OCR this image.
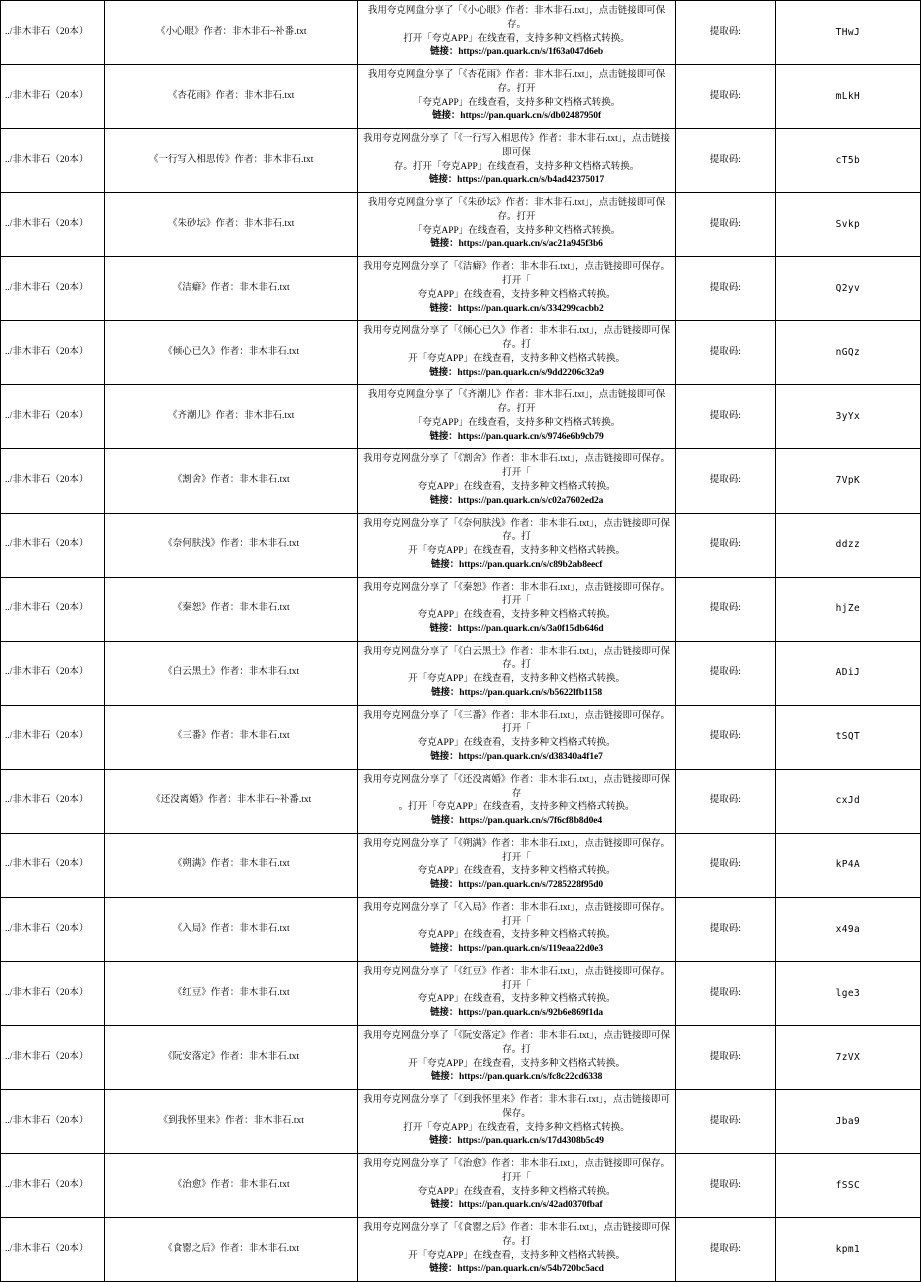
../非木非石（20本）	《小心眼》作者：非木非石~补番.txt	我用夸克网盘分享了「《小心眼》作者：非木非石.txt」，点击链接即可保存。
打开「夸克APP」在线查看，支持多种文档格式转换。
链接：https://pan.quark.cn/s/1f63a047d6eb	提取码:	THwJ
../非木非石（20本）	《杏花雨》作者：非木非石.txt	我用夸克网盘分享了「《杏花雨》作者：非木非石.txt」，点击链接即可保存。打开
「夸克APP」在线查看，支持多种文档格式转换。
链接：https://pan.quark.cn/s/db02487950f	提取码:	mLkH
../非木非石（20本）	《一行写入相思传》作者：非木非石.txt	我用夸克网盘分享了「《一行写入相思传》作者：非木非石.txt」，点击链接即可保
存。打开「夸克APP」在线查看，支持多种文档格式转换。
链接：https://pan.quark.cn/s/b4ad42375017	提取码:	cT5b
../非木非石（20本）	《朱砂坛》作者：非木非石.txt	我用夸克网盘分享了「《朱砂坛》作者：非木非石.txt」，点击链接即可保存。打开
「夸克APP」在线查看，支持多种文档格式转换。
链接：https://pan.quark.cn/s/ac21a945f3b6	提取码:	Svkp
../非木非石（20本）	《洁癖》作者：非木非石.txt	我用夸克网盘分享了「《洁癖》作者：非木非石.txt」，点击链接即可保存。打开「
夸克APP」在线查看，支持多种文档格式转换。
链接：https://pan.quark.cn/s/334299cacbb2	提取码:	Q2yv
../非木非石（20本）	《倾心已久》作者：非木非石.txt	我用夸克网盘分享了「《倾心已久》作者：非木非石.txt」，点击链接即可保存。打
开「夸克APP」在线查看，支持多种文档格式转换。
链接：https://pan.quark.cn/s/9dd2206c32a9	提取码:	nGQz
../非木非石（20本）	《齐潮儿》作者：非木非石.txt	我用夸克网盘分享了「《齐潮儿》作者：非木非石.txt」，点击链接即可保存。打开
「夸克APP」在线查看，支持多种文档格式转换。
链接：https://pan.quark.cn/s/9746e6b9cb79	提取码:	3yYx
../非木非石（20本）	《割舍》作者：非木非石.txt	我用夸克网盘分享了「《割舍》作者：非木非石.txt」，点击链接即可保存。打开「
夸克APP」在线查看，支持多种文档格式转换。
链接：https://pan.quark.cn/s/c02a7602ed2a	提取码:	7VpK
../非木非石（20本）	《奈何肤浅》作者：非木非石.txt	我用夸克网盘分享了「《奈何肤浅》作者：非木非石.txt」，点击链接即可保存。打
开「夸克APP」在线查看，支持多种文档格式转换。
链接：https://pan.quark.cn/s/c89b2ab8eecf	提取码:	ddzz
../非木非石（20本）	《秦恕》作者：非木非石.txt	我用夸克网盘分享了「《秦恕》作者：非木非石.txt」，点击链接即可保存。打开「
夸克APP」在线查看，支持多种文档格式转换。
链接：https://pan.quark.cn/s/3a0f15db646d	提取码:	hjZe
../非木非石（20本）	《白云黑土》作者：非木非石.txt	我用夸克网盘分享了「《白云黑土》作者：非木非石.txt」，点击链接即可保存。打
开「夸克APP」在线查看，支持多种文档格式转换。
链接：https://pan.quark.cn/s/b5622lfb1158	提取码:	ADiJ
../非木非石（20本）	《三番》作者：非木非石.txt	我用夸克网盘分享了「《三番》作者：非木非石.txt」，点击链接即可保存。打开「
夸克APP」在线查看，支持多种文档格式转换。
链接：https://pan.quark.cn/s/d38340a4f1e7	提取码:	tSQT
../非木非石（20本）	《还没离婚》作者：非木非石~补番.txt	我用夸克网盘分享了「《还没离婚》作者：非木非石.txt」，点击链接即可保存
。打开「夸克APP」在线查看，支持多种文档格式转换。
链接：https://pan.quark.cn/s/7f6cf8b8d0e4	提取码:	cxJd
../非木非石（20本）	《朔满》作者：非木非石.txt	我用夸克网盘分享了「《朔满》作者：非木非石.txt」，点击链接即可保存。打开「
夸克APP」在线查看，支持多种文档格式转换。
链接：https://pan.quark.cn/s/7285228f95d0	提取码:	kP4A
../非木非石（20本）	《入局》作者：非木非石.txt	我用夸克网盘分享了「《入局》作者：非木非石.txt」，点击链接即可保存。打开「
夸克APP」在线查看，支持多种文档格式转换。
链接：https://pan.quark.cn/s/119eaa22d0e3	提取码:	x49a
../非木非石（20本）	《红豆》作者：非木非石.txt	我用夸克网盘分享了「《红豆》作者：非木非石.txt」，点击链接即可保存。打开「
夸克APP」在线查看，支持多种文档格式转换。
链接：https://pan.quark.cn/s/92b6e869f1da	提取码:	lge3
../非木非石（20本）	《阮安落定》作者：非木非石.txt	我用夸克网盘分享了「《阮安落定》作者：非木非石.txt」，点击链接即可保存。打
开「夸克APP」在线查看，支持多种文档格式转换。
链接：https://pan.quark.cn/s/fc8c22cd6338	提取码:	7zVX
../非木非石（20本）	《到我怀里来》作者：非木非石.txt	我用夸克网盘分享了「《到我怀里来》作者：非木非石.txt」，点击链接即可保存。
打开「夸克APP」在线查看，支持多种文档格式转换。
链接：https://pan.quark.cn/s/17d4308b5c49	提取码:	Jba9
../非木非石（20本）	《治愈》作者：非木非石.txt	我用夸克网盘分享了「《治愈》作者：非木非石.txt」，点击链接即可保存。打开「
夸克APP」在线查看，支持多种文档格式转换。
链接：https://pan.quark.cn/s/42ad0370fbaf	提取码:	fSSC
../非木非石（20本）	《食罂之后》作者：非木非石.txt	我用夸克网盘分享了「《食罂之后》作者：非木非石.txt」，点击链接即可保存。打
开「夸克APP」在线查看，支持多种文档格式转换。
链接：https://pan.quark.cn/s/54b720bc5acd	提取码:	kpm1
